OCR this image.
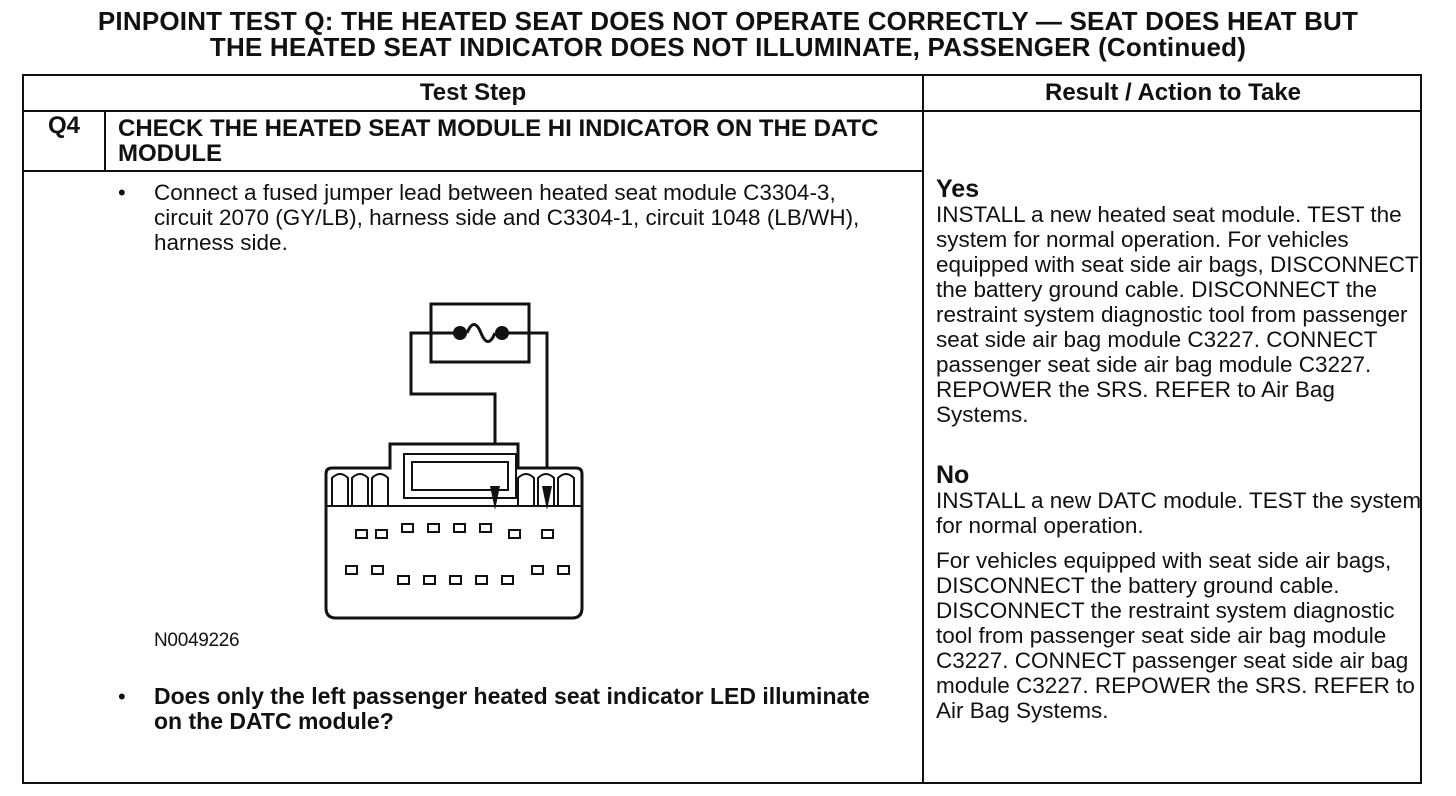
PINPOINT TEST Q: THE HEATED SEAT DOES NOT OPERATE CORRECTLY — SEAT DOES HEAT BUT
THE HEATED SEAT INDICATOR DOES NOT ILLUMINATE, PASSENGER (Continued)
Test Step	Result / Action to Take
Q4	CHECK THE HEATED SEAT MODULE HI INDICATOR ON THE DATC MODULE
• Connect a fused jumper lead between heated seat module C3304-3, circuit 2070 (GY/LB), harness side and C3304-1, circuit 1048 (LB/WH), harness side.
N0049226
• Does only the left passenger heated seat indicator LED illuminate on the DATC module?
Yes
INSTALL a new heated seat module. TEST the system for normal operation. For vehicles equipped with seat side air bags, DISCONNECT the battery ground cable. DISCONNECT the restraint system diagnostic tool from passenger seat side air bag module C3227. CONNECT passenger seat side air bag module C3227. REPOWER the SRS. REFER to Air Bag Systems.
No
INSTALL a new DATC module. TEST the system for normal operation.
For vehicles equipped with seat side air bags, DISCONNECT the battery ground cable. DISCONNECT the restraint system diagnostic tool from passenger seat side air bag module C3227. CONNECT passenger seat side air bag module C3227. REPOWER the SRS. REFER to Air Bag Systems.
